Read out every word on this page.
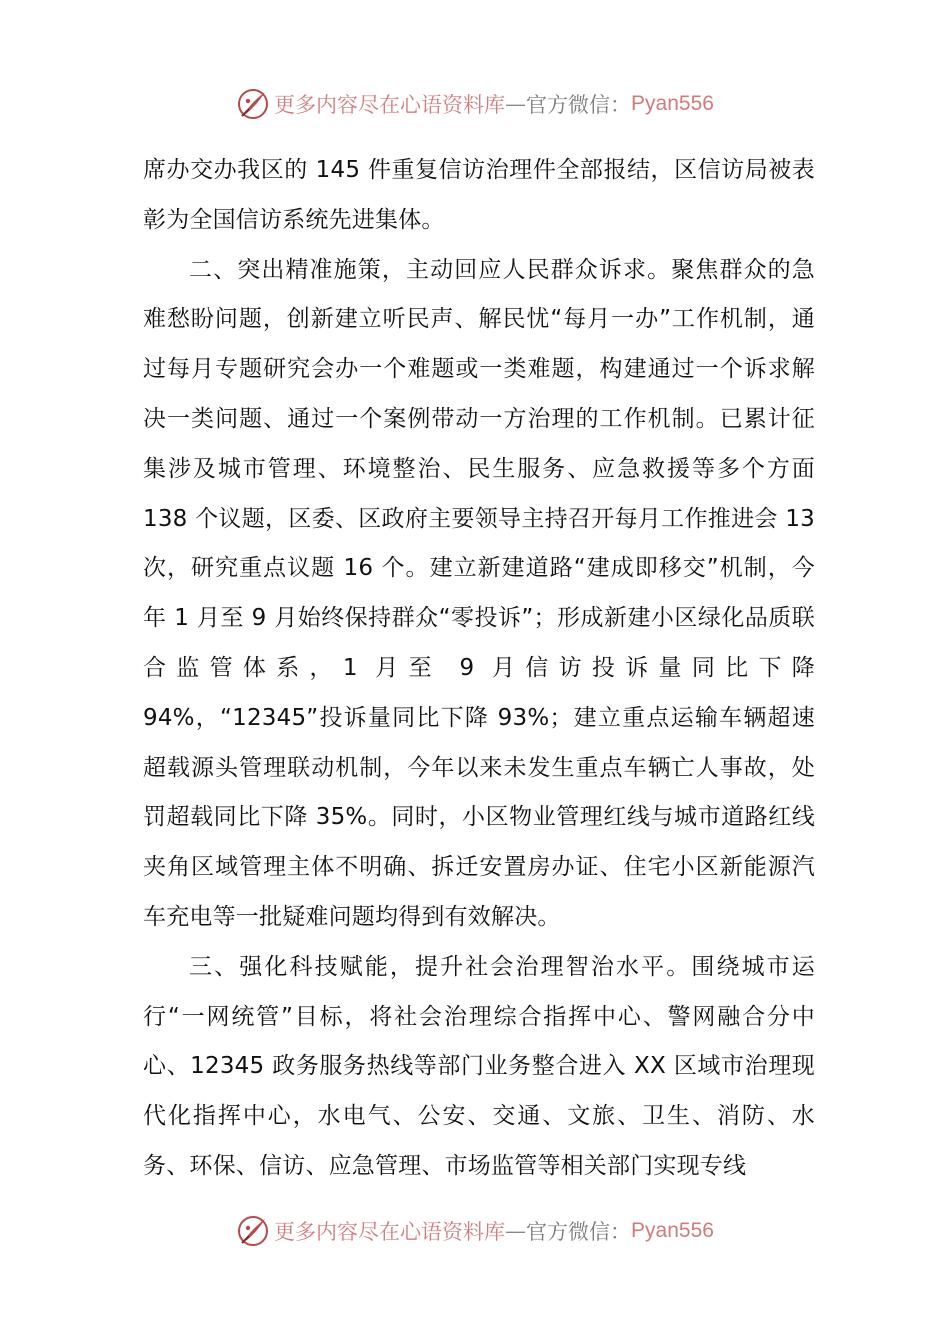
更多内容尽在心语资料库 — 官方微信： Pyan556

席办交办我区的 145 件重复信访治理件全部报结，区信访局被表彰为全国信访系统先进集体。

二、突出精准施策，主动回应人民群众诉求。聚焦群众的急难愁盼问题，创新建立听民声、解民忧“每月一办”工作机制，通过每月专题研究会办一个难题或一类难题，构建通过一个诉求解决一类问题、通过一个案例带动一方治理的工作机制。已累计征集涉及城市管理、环境整治、民生服务、应急救援等多个方面 138 个议题，区委、区政府主要领导主持召开每月工作推进会 13 次，研究重点议题 16 个。建立新建道路“建成即移交”机制，今年 1 月至 9 月始终保持群众“零投诉”；形成新建小区绿化品质联合监管体系，1 月至 9 月信访投诉量同比下降 94%，“12345”投诉量同比下降 93%；建立重点运输车辆超速超载源头管理联动机制，今年以来未发生重点车辆亡人事故，处罚超载同比下降 35%。同时，小区物业管理红线与城市道路红线夹角区域管理主体不明确、拆迁安置房办证、住宅小区新能源汽车充电等一批疑难问题均得到有效解决。

三、强化科技赋能，提升社会治理智治水平。围绕城市运行“一网统管”目标，将社会治理综合指挥中心、警网融合分中心、12345 政务服务热线等部门业务整合进入 XX 区域市治理现代化指挥中心，水电气、公安、交通、文旅、卫生、消防、水务、环保、信访、应急管理、市场监管等相关部门实现专线

更多内容尽在心语资料库 — 官方微信： Pyan556
